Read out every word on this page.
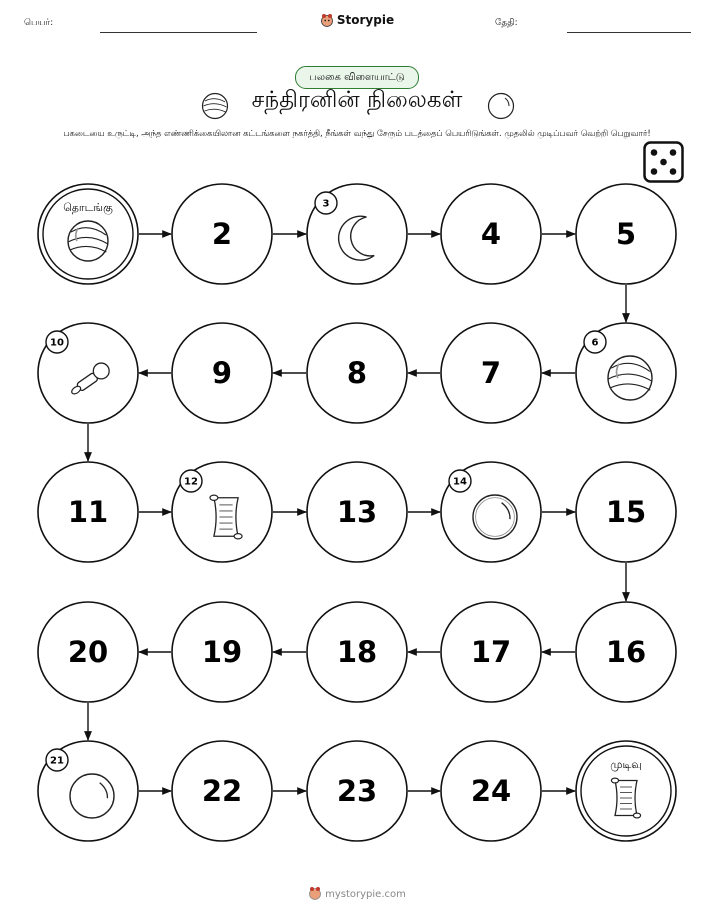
பெயர்:	Storypie	தேதி:
பலகை விளையாட்டு
சந்திரனின் நிலைகள்
பகடையை உருட்டி, அந்த எண்ணிக்கையிலான கட்டங்களை நகர்த்தி, நீங்கள் வந்து சேரும் படத்தைப் பெயரிடுங்கள். முதலில் முடிப்பவர் வெற்றி பெறுவார்!
தொடங்கு
2
3
4	5
6
7
8
9
10
11
12
13
14
15
16
17
18
19
20
21
22	23	24
முடிவு
mystorypie.com
